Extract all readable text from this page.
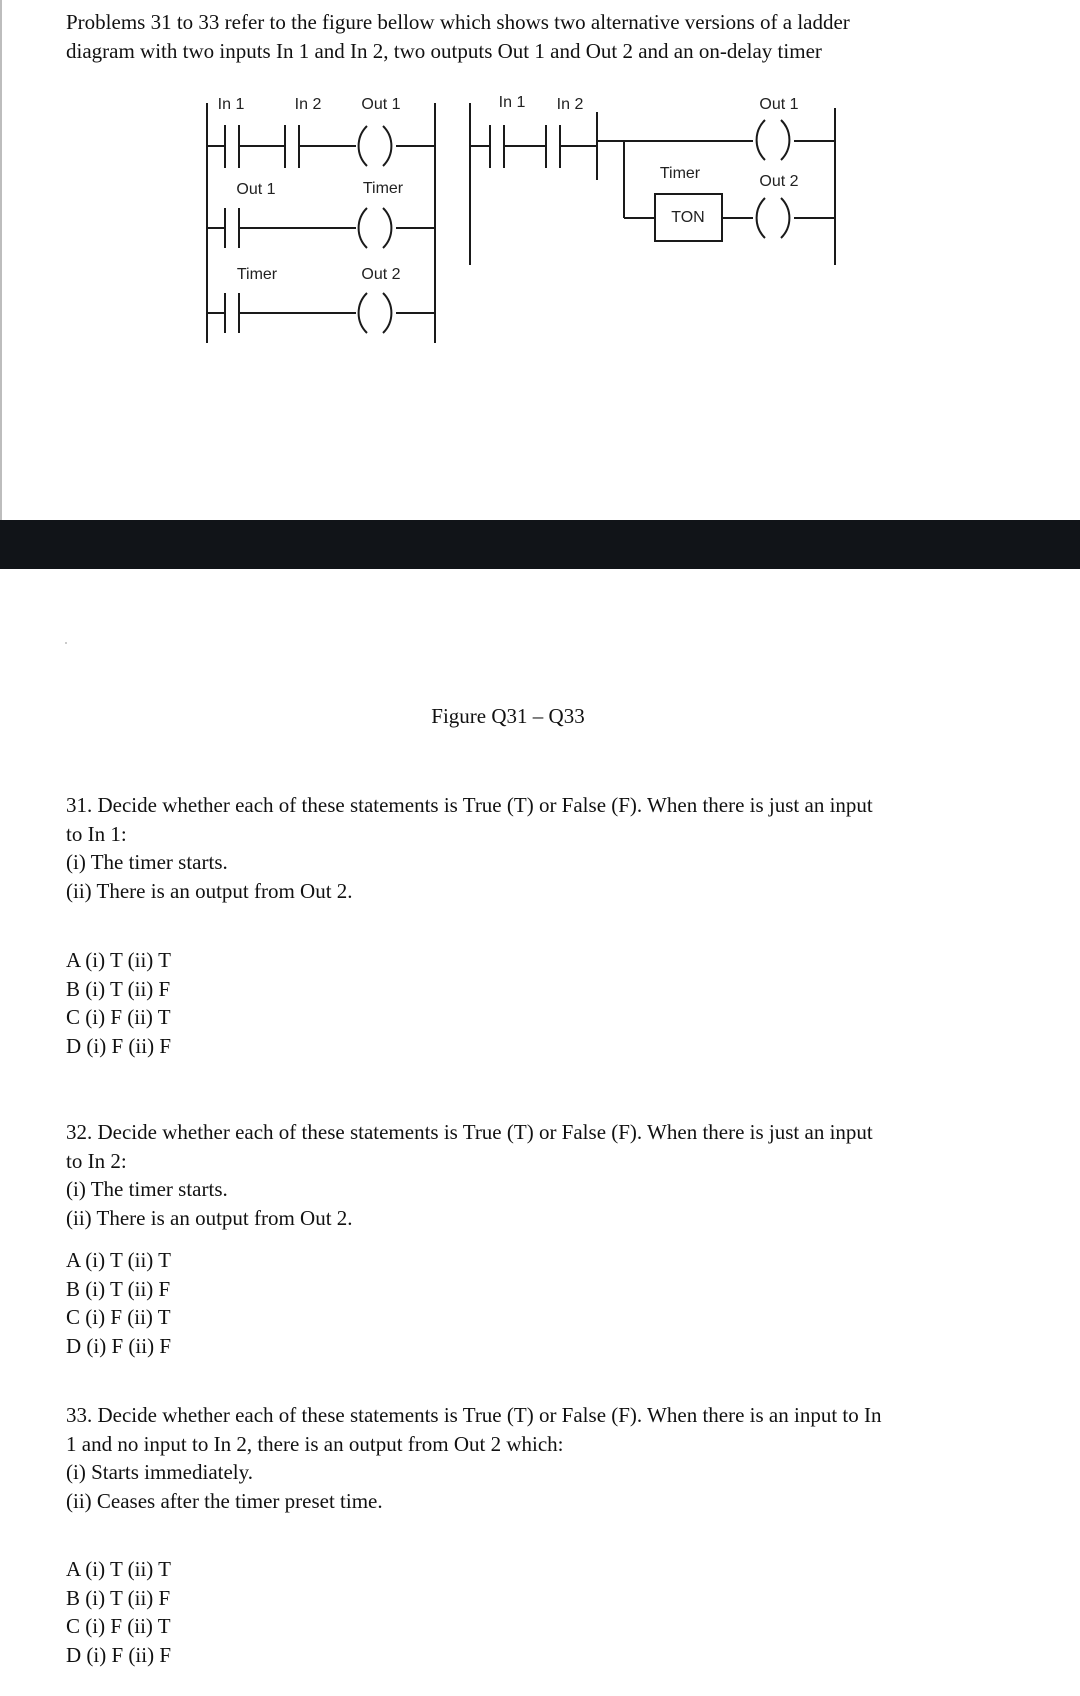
Problems 31 to 33 refer to the figure bellow which shows two alternative versions of a ladder

diagram with two inputs In 1 and In 2, two outputs Out 1 and Out 2 and an on-delay timer

In 1	In 2	Out 1
Out 1	Timer
Timer	Out 2
In 1 In 2	Out 1
Timer
TON
Out 2
Figure Q31 – Q33

31. Decide whether each of these statements is True (T) or False (F). When there is just an input

to In 1:

(i) The timer starts.

(ii) There is an output from Out 2.

A (i) T (ii) T
B (i) T (ii) F
C (i) F (ii) T
D (i) F (ii) F

32. Decide whether each of these statements is True (T) or False (F). When there is just an input

to In 2:

(i) The timer starts.

(ii) There is an output from Out 2.

A (i) T (ii) T
B (i) T (ii) F
C (i) F (ii) T
D (i) F (ii) F

33. Decide whether each of these statements is True (T) or False (F). When there is an input to In

1 and no input to In 2, there is an output from Out 2 which:

(i) Starts immediately.

(ii) Ceases after the timer preset time.

A (i) T (ii) T
B (i) T (ii) F
C (i) F (ii) T
D (i) F (ii) F
